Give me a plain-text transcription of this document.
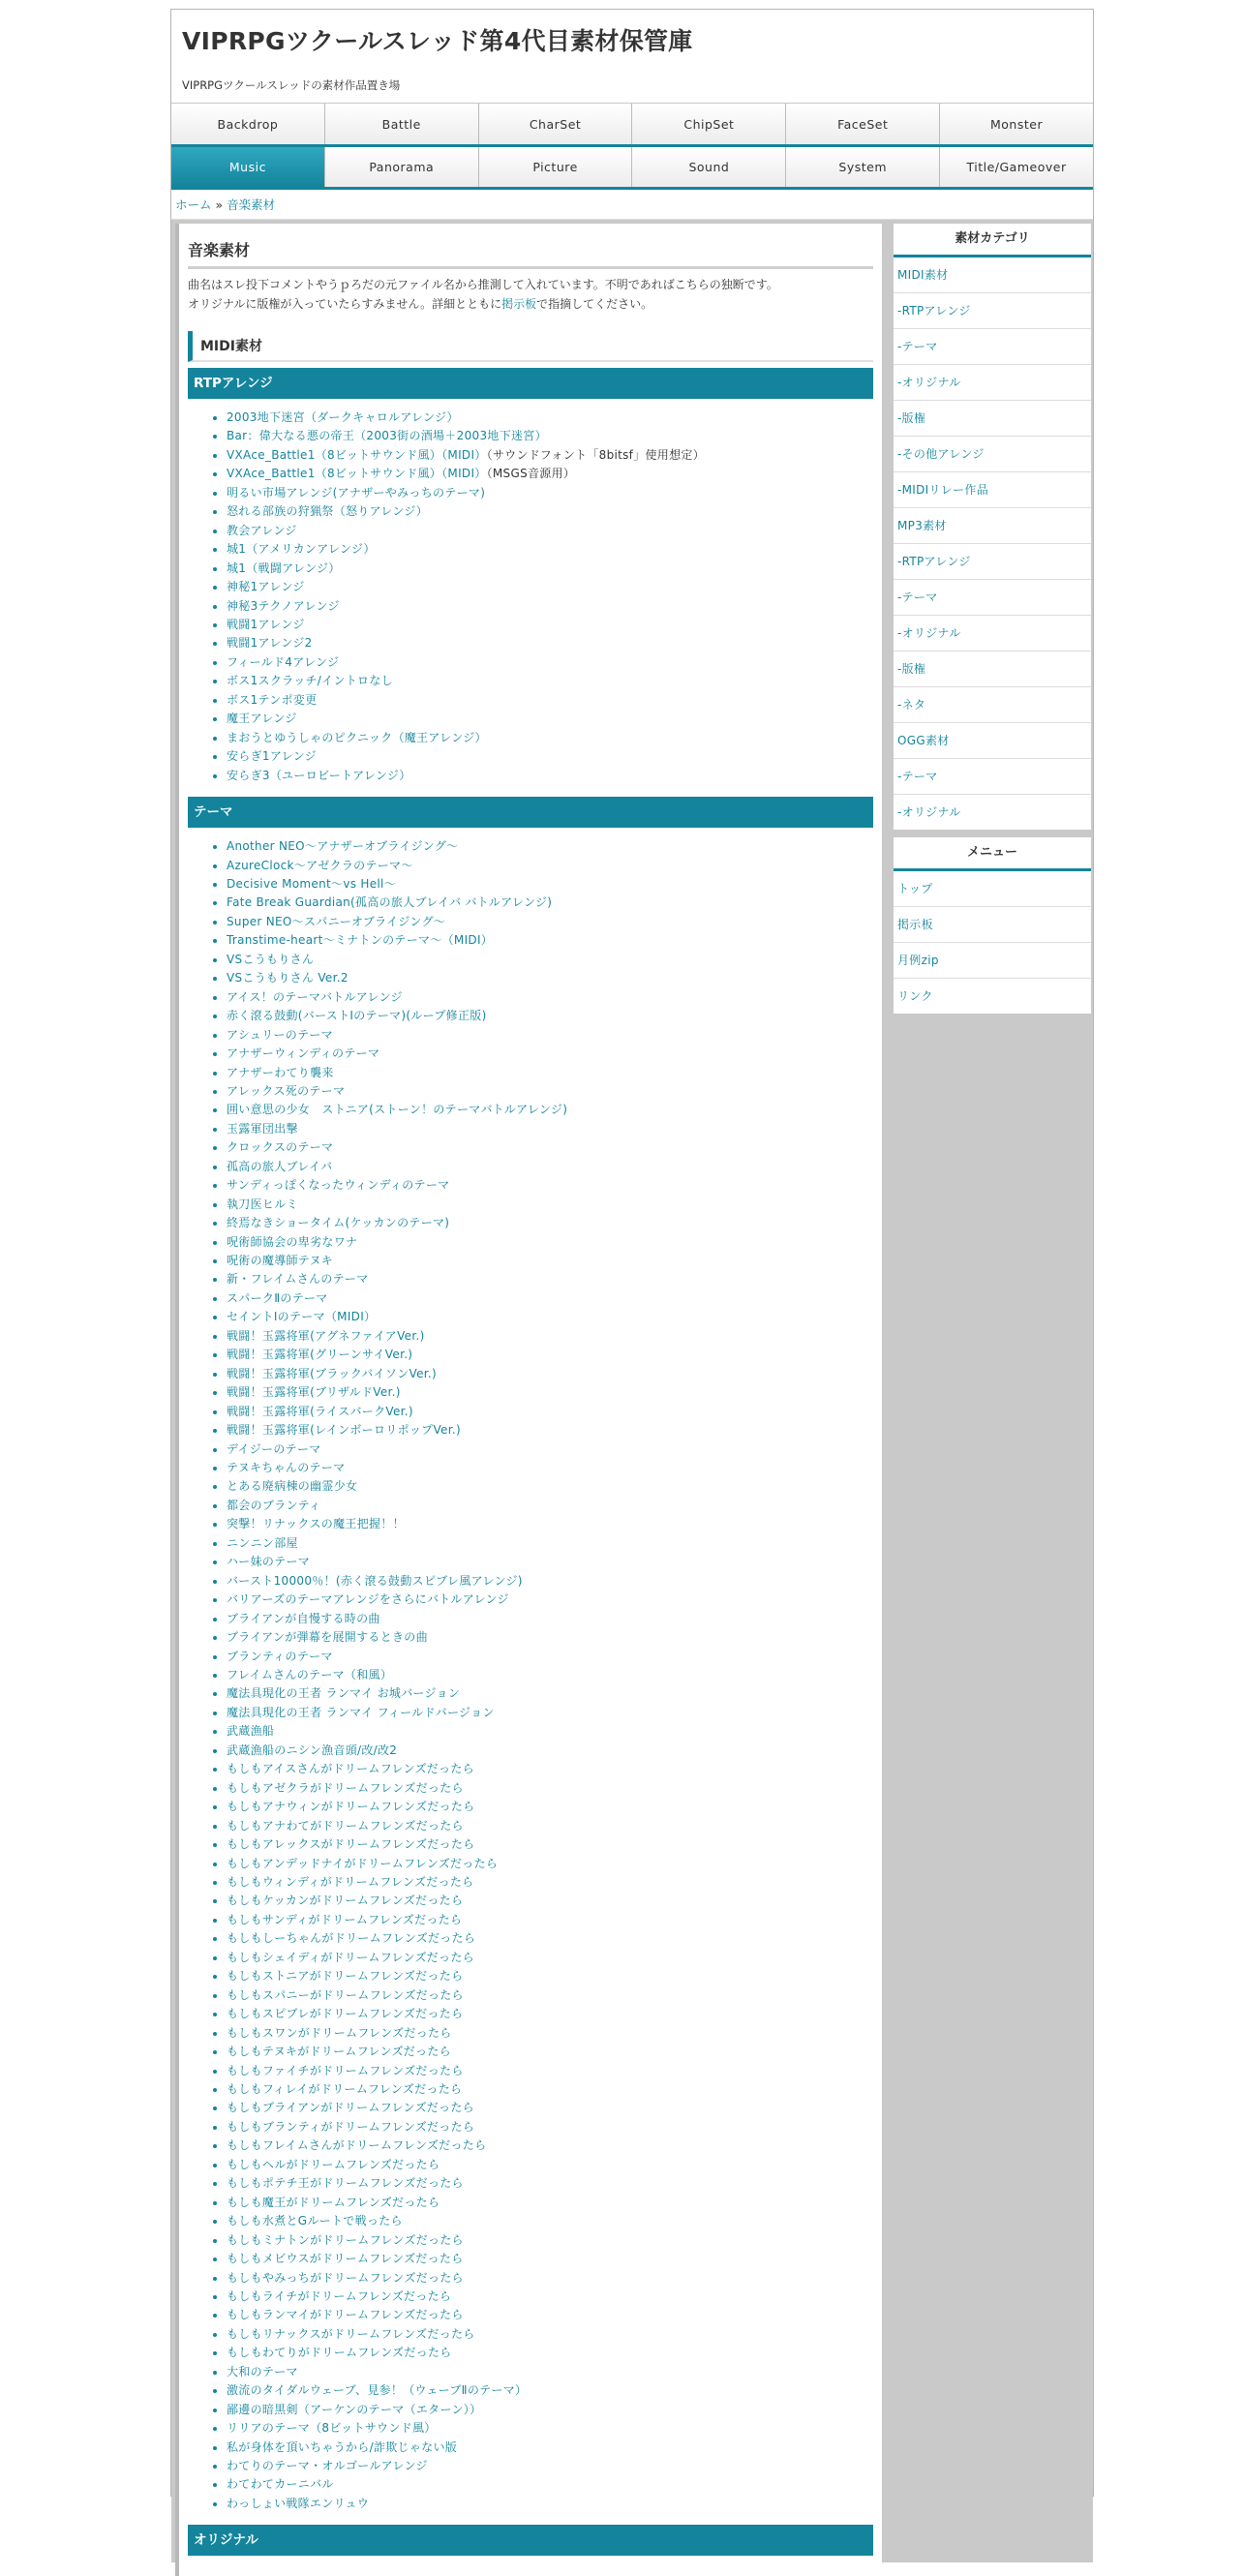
VIPRPGツクールスレッド第4代目素材保管庫
VIPRPGツクールスレッドの素材作品置き場
Backdrop	Battle	CharSet	ChipSet	FaceSet	Monster
Music	Panorama	Picture	Sound	System	Title/Gameover
ホーム » 音楽素材
音楽素材
曲名はスレ投下コメントやうｐろだの元ファイル名から推測して入れています。不明であればこちらの独断です。
オリジナルに版権が入っていたらすみません。詳細とともに掲示板で指摘してください。
MIDI素材
RTPアレンジ
• 2003地下迷宮（ダークキャロルアレンジ）
• Bar：偉大なる悪の帝王（2003街の酒場＋2003地下迷宮）
• VXAce_Battle1（8ビットサウンド風）（MIDI）（サウンドフォント「8bitsf」使用想定）
• VXAce_Battle1（8ビットサウンド風）（MIDI）（MSGS音源用）
• 明るい市場アレンジ(アナザーやみっちのテーマ)
• 怒れる部族の狩猟祭（怒りアレンジ）
• 教会アレンジ
• 城1（アメリカンアレンジ）
• 城1（戦闘アレンジ）
• 神秘1アレンジ
• 神秘3テクノアレンジ
• 戦闘1アレンジ
• 戦闘1アレンジ2
• フィールド4アレンジ
• ボス1スクラッチ/イントロなし
• ボス1テンポ変更
• 魔王アレンジ
• まおうとゆうしゃのピクニック（魔王アレンジ）
• 安らぎ1アレンジ
• 安らぎ3（ユーロビートアレンジ）
テーマ
• Another NEO～アナザーオブライジング～
• AzureClock～アゼクラのテーマ～
• Decisive Moment～vs Hell～
• Fate Break Guardian(孤高の旅人ブレイバ バトルアレンジ)
• Super NEO～スパニーオブライジング～
• Transtime-heart～ミナトンのテーマ～（MIDI）
• VSこうもりさん
• VSこうもりさん Ver.2
• アイス！のテーマバトルアレンジ
• 赤く滾る鼓動(バーストⅠのテーマ)(ループ修正版)
• アシュリーのテーマ
• アナザーウィンディのテーマ
• アナザーわてり襲来
• アレックス死のテーマ
• 囲い意思の少女　ストニア(ストーン！のテーマバトルアレンジ)
• 玉露軍団出撃
• クロックスのテーマ
• 孤高の旅人ブレイバ
• サンディっぽくなったウィンディのテーマ
• 執刀医ヒルミ
• 終焉なきショータイム(ケッカンのテーマ)
• 呪術師協会の卑劣なワナ
• 呪術の魔導師テヌキ
• 新・フレイムさんのテーマ
• スパークⅡのテーマ
• セイントⅠのテーマ（MIDI）
• 戦闘！玉露将軍(アグネファイアVer.)
• 戦闘！玉露将軍(グリーンサイVer.)
• 戦闘！玉露将軍(ブラックバイソンVer.)
• 戦闘！玉露将軍(ブリザルドVer.)
• 戦闘！玉露将軍(ライスバークVer.)
• 戦闘！玉露将軍(レインボーロリポップVer.)
• デイジーのテーマ
• テヌキちゃんのテーマ
• とある廃病棟の幽霊少女
• 都会のブランティ
• 突撃！リナックスの魔王把握！！
• ニンニン部屋
• ハー妹のテーマ
• バースト10000％！(赤く滾る鼓動スピブレ風アレンジ)
• バリアーズのテーマアレンジをさらにバトルアレンジ
• ブライアンが自慢する時の曲
• ブライアンが弾幕を展開するときの曲
• ブランティのテーマ
• フレイムさんのテーマ（和風）
• 魔法具現化の王者 ランマイ お城バージョン
• 魔法具現化の王者 ランマイ フィールドバージョン
• 武蔵漁船
• 武蔵漁船のニシン漁音頭/改/改2
• もしもアイスさんがドリームフレンズだったら
• もしもアゼクラがドリームフレンズだったら
• もしもアナウィンがドリームフレンズだったら
• もしもアナわてがドリームフレンズだったら
• もしもアレックスがドリームフレンズだったら
• もしもアンデッドナイがドリームフレンズだったら
• もしもウィンディがドリームフレンズだったら
• もしもケッカンがドリームフレンズだったら
• もしもサンディがドリームフレンズだったら
• もしもしーちゃんがドリームフレンズだったら
• もしもシェイディがドリームフレンズだったら
• もしもストニアがドリームフレンズだったら
• もしもスパニーがドリームフレンズだったら
• もしもスピブレがドリームフレンズだったら
• もしもスワンがドリームフレンズだったら
• もしもテヌキがドリームフレンズだったら
• もしもファイチがドリームフレンズだったら
• もしもフィレイがドリームフレンズだったら
• もしもブライアンがドリームフレンズだったら
• もしもブランティがドリームフレンズだったら
• もしもフレイムさんがドリームフレンズだったら
• もしもヘルがドリームフレンズだったら
• もしもポテチ王がドリームフレンズだったら
• もしも魔王がドリームフレンズだったら
• もしも水煮とGルートで戦ったら
• もしもミナトンがドリームフレンズだったら
• もしもメビウスがドリームフレンズだったら
• もしもやみっちがドリームフレンズだったら
• もしもライチがドリームフレンズだったら
• もしもランマイがドリームフレンズだったら
• もしもリナックスがドリームフレンズだったら
• もしもわてりがドリームフレンズだったら
• 大和のテーマ
• 激流のタイダルウェーブ、見参！（ウェーブⅡのテーマ）
• 鄙邊の暗黒剣（アーケンのテーマ（エターン））
• リリアのテーマ（8ビットサウンド風）
• 私が身体を頂いちゃうから/詐欺じゃない版
• わてりのテーマ・オルゴールアレンジ
• わてわてカーニバル
• わっしょい戦隊エンリュウ
オリジナル
素材カテゴリ
MIDI素材
-RTPアレンジ
-テーマ
-オリジナル
-版権
-その他アレンジ
-MIDIリレー作品
MP3素材
-RTPアレンジ
-テーマ
-オリジナル
-版権
-ネタ
OGG素材
-テーマ
-オリジナル
メニュー
トップ
掲示板
月例zip
リンク
